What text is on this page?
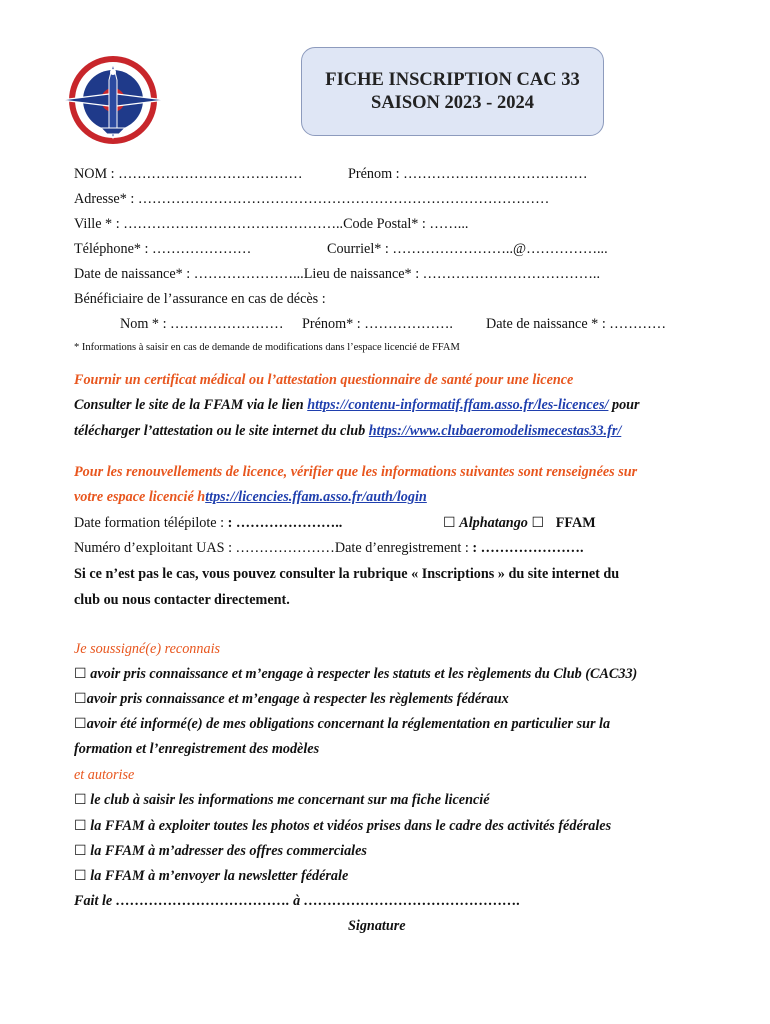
FICHE INSCRIPTION CAC 33
SAISON 2023 - 2024
NOM : …………………………………	Prénom : …………………………………
Adresse* : ……………………………………………………………………………
Ville * : ………………………………………..Code Postal* : ……...
Téléphone* : …………………	Courriel* : ……………………..@……………...
Date de naissance* : …………………...Lieu de naissance* : ………………………………..
Bénéficiaire de l’assurance en cas de décès :
Nom * : …………………… Prénom* : ………………. Date de naissance * : …………
* Informations à saisir en cas de demande de modifications dans l’espace licencié de FFAM
Fournir un certificat médical ou l’attestation questionnaire de santé pour une licence
Consulter le site de la FFAM via le lien https://contenu-informatif.ffam.asso.fr/les-licences/ pour
télécharger l’attestation ou le site internet du club https://www.clubaeromodelismecestas33.fr/
Pour les renouvellements de licence, vérifier que les informations suivantes sont renseignées sur
votre espace licencié https://licencies.ffam.asso.fr/auth/login
Date formation télépilote : : …………………..	☐ Alphatango ☐ FFAM
Numéro d’exploitant UAS : …………………Date d’enregistrement : : ………………….
Si ce n’est pas le cas, vous pouvez consulter la rubrique « Inscriptions » du site internet du
club ou nous contacter directement.
Je soussigné(e) reconnais
☐ avoir pris connaissance et m’engage à respecter les statuts et les règlements du Club (CAC33)
☐avoir pris connaissance et m’engage à respecter les règlements fédéraux
☐avoir été informé(e) de mes obligations concernant la réglementation en particulier sur la
formation et l’enregistrement des modèles
et autorise
☐ le club à saisir les informations me concernant sur ma fiche licencié
☐ la FFAM à exploiter toutes les photos et vidéos prises dans le cadre des activités fédérales
☐ la FFAM à m’adresser des offres commerciales
☐ la FFAM à m’envoyer la newsletter fédérale
Fait le ………………………………. à ……………………………………….
Signature
